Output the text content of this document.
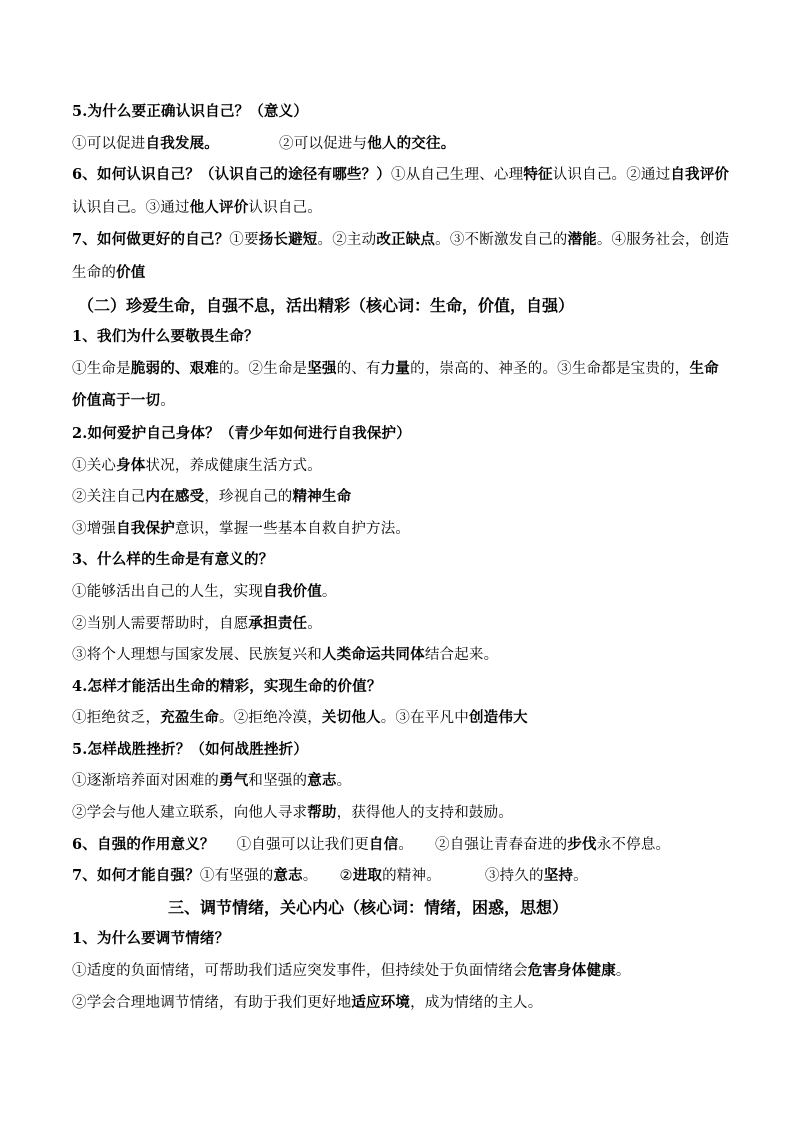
5.为什么要正确认识自己？（意义）
①可以促进自我发展。	②可以促进与他人的交往。
6、如何认识自己？（认识自己的途径有哪些？）①从自己生理、心理特征认识自己。②通过自我评价认识自己。③通过他人评价认识自己。
7、如何做更好的自己？①要扬长避短。②主动改正缺点。③不断激发自己的潜能。④服务社会，创造生命的价值
（二）珍爱生命，自强不息，活出精彩（核心词：生命，价值，自强）
1、我们为什么要敬畏生命？
①生命是脆弱的、艰难的。②生命是坚强的、有力量的，崇高的、神圣的。③生命都是宝贵的，生命价值高于一切。
2.如何爱护自己身体？（青少年如何进行自我保护）
①关心身体状况，养成健康生活方式。
②关注自己内在感受，珍视自己的精神生命
③增强自我保护意识，掌握一些基本自救自护方法。
3、什么样的生命是有意义的？
①能够活出自己的人生，实现自我价值。
②当别人需要帮助时，自愿承担责任。
③将个人理想与国家发展、民族复兴和人类命运共同体结合起来。
4.怎样才能活出生命的精彩，实现生命的价值？
①拒绝贫乏，充盈生命。②拒绝冷漠，关切他人。③在平凡中创造伟大
5.怎样战胜挫折？（如何战胜挫折）
①逐渐培养面对困难的勇气和坚强的意志。
②学会与他人建立联系，向他人寻求帮助，获得他人的支持和鼓励。
6、自强的作用意义？ ①自强可以让我们更自信。 ②自强让青春奋进的步伐永不停息。
7、如何才能自强？①有坚强的意志。 ②进取的精神。	③持久的坚持。
三、调节情绪，关心内心（核心词：情绪，困惑，思想）
1、为什么要调节情绪？
①适度的负面情绪，可帮助我们适应突发事件，但持续处于负面情绪会危害身体健康。
②学会合理地调节情绪，有助于我们更好地适应环境，成为情绪的主人。
